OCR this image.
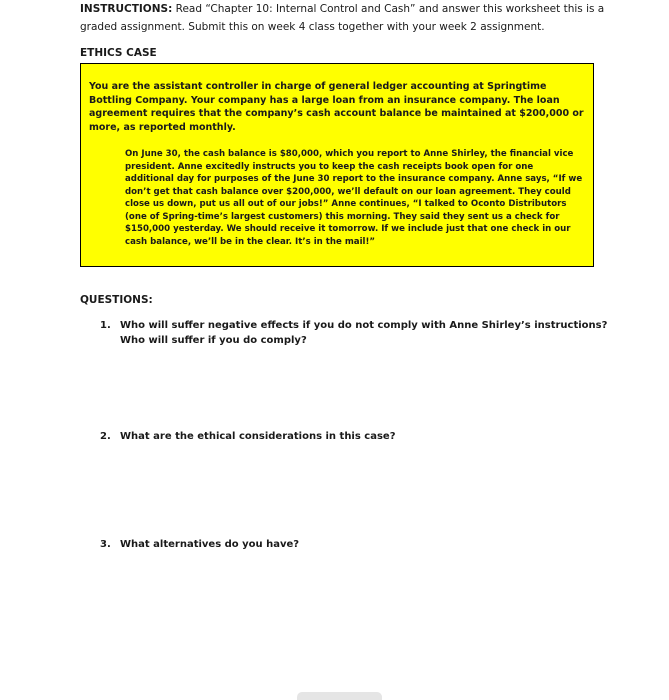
INSTRUCTIONS: Read “Chapter 10: Internal Control and Cash” and answer this worksheet this is a graded assignment. Submit this on week 4 class together with your week 2 assignment.
ETHICS CASE

You are the assistant controller in charge of general ledger accounting at Springtime Bottling Company. Your company has a large loan from an insurance company. The loan agreement requires that the company’s cash account balance be maintained at $200,000 or more, as reported monthly.

On June 30, the cash balance is $80,000, which you report to Anne Shirley, the financial vice president. Anne excitedly instructs you to keep the cash receipts book open for one additional day for purposes of the June 30 report to the insurance company. Anne says, “If we don’t get that cash balance over $200,000, we’ll default on our loan agreement. They could close us down, put us all out of our jobs!” Anne continues, “I talked to Oconto Distributors (one of Spring-time’s largest customers) this morning. They said they sent us a check for $150,000 yesterday. We should receive it tomorrow. If we include just that one check in our cash balance, we’ll be in the clear. It’s in the mail!”

QUESTIONS:
1. Who will suffer negative effects if you do not comply with Anne Shirley’s instructions? Who will suffer if you do comply?
2. What are the ethical considerations in this case?
3. What alternatives do you have?
